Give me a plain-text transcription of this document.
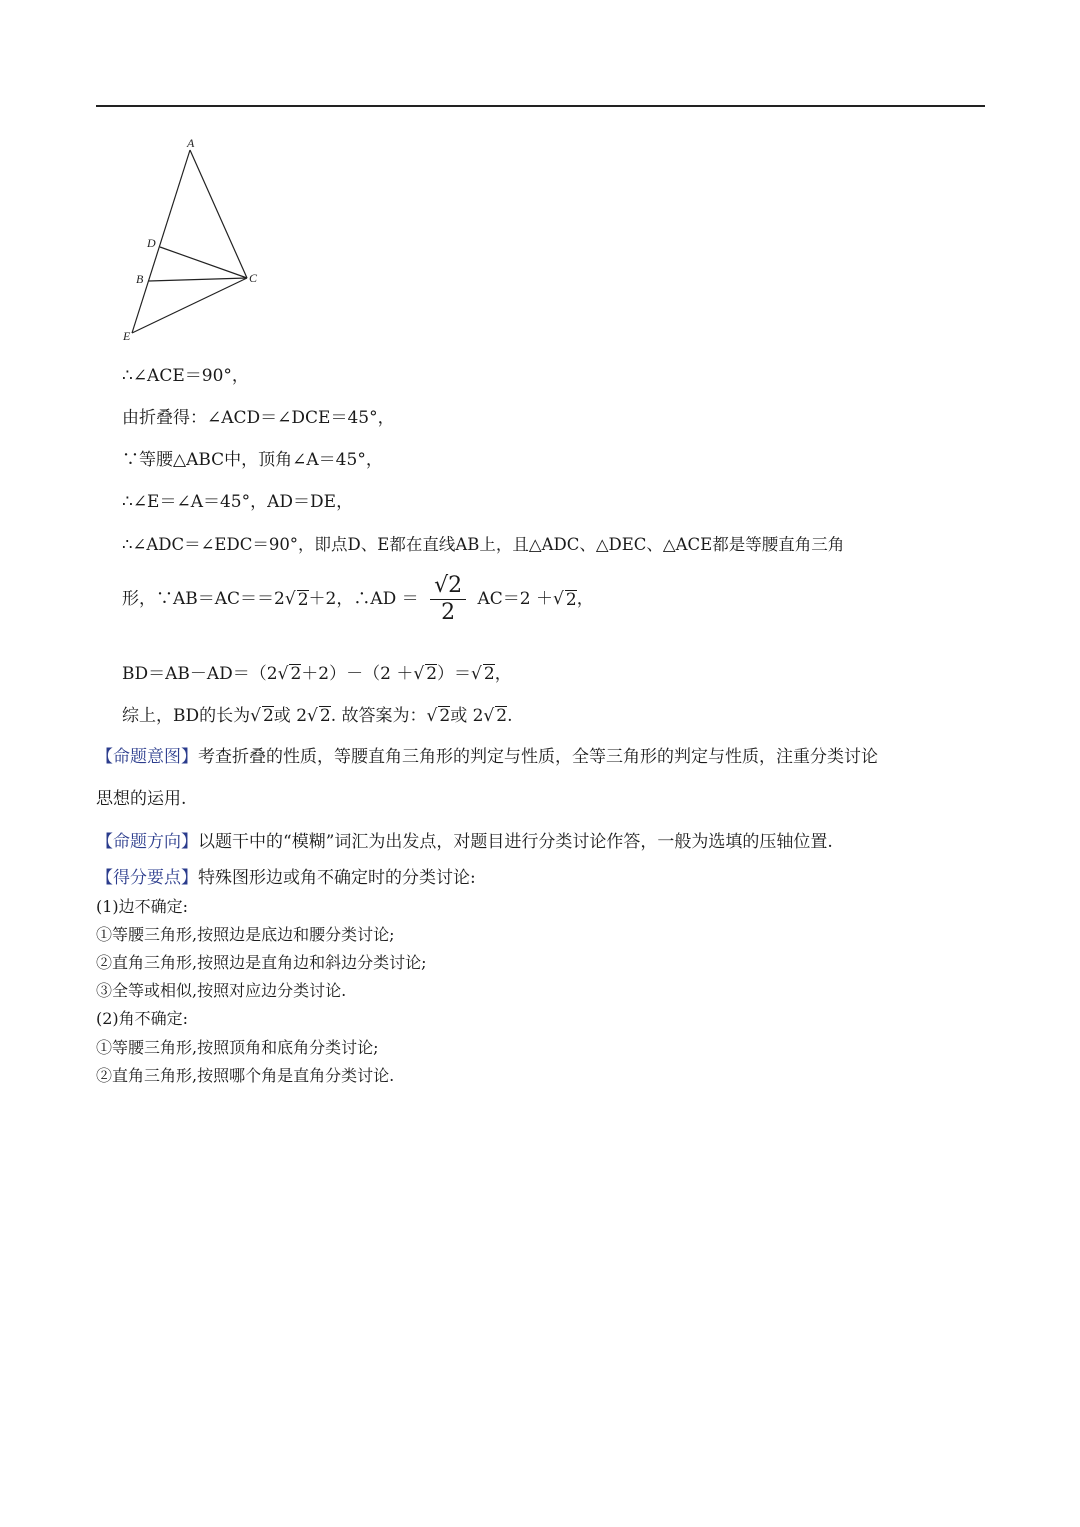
A
D
B	C
E
∴∠ACE＝90°，
由折叠得：∠ACD＝∠DCE＝45°，
∵等腰△ABC中，顶角∠A＝45°，
∴∠E＝∠A＝45°，AD＝DE，
∴∠ADC＝∠EDC＝90°，即点D、E都在直线AB上，且△ADC、△DEC、△ACE都是等腰直角三角
形，∵AB＝AC＝＝2√ 2＋2，∴AD ＝ $\frac{√2}{2} AC=2$ ＋√ 2，
BD＝AB－AD＝（2√ 2＋2）－（2 ＋√ 2）＝√ 2，
综上，BD的长为√ 2或 2√ 2. 故答案为：√ 2或 2√ 2.
【命题意图】考查折叠的性质，等腰直角三角形的判定与性质，全等三角形的判定与性质，注重分类讨论
思想的运用.
【命题方向】以题干中的“模糊”词汇为出发点，对题目进行分类讨论作答，一般为选填的压轴位置.
【得分要点】特殊图形边或角不确定时的分类讨论:
(1)边不确定:
①等腰三角形,按照边是底边和腰分类讨论;
②直角三角形,按照边是直角边和斜边分类讨论;
③全等或相似,按照对应边分类讨论.
(2)角不确定:
①等腰三角形,按照顶角和底角分类讨论;
②直角三角形,按照哪个角是直角分类讨论.
